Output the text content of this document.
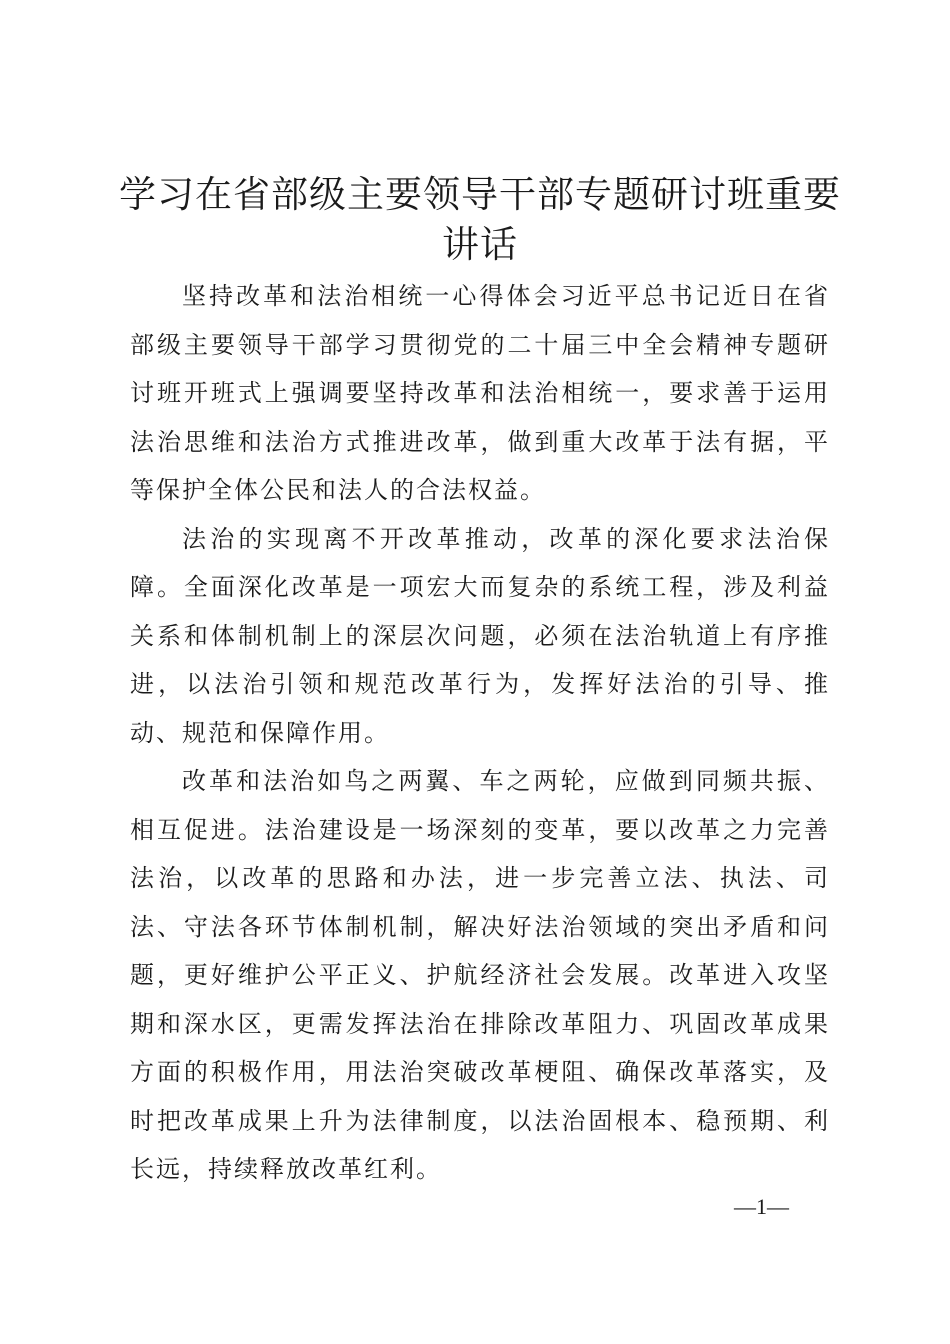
学习在省部级主要领导干部专题研讨班重要讲话

坚持改革和法治相统一心得体会习近平总书记近日在省部级主要领导干部学习贯彻党的二十届三中全会精神专题研讨班开班式上强调要坚持改革和法治相统一，要求善于运用法治思维和法治方式推进改革，做到重大改革于法有据，平等保护全体公民和法人的合法权益。

法治的实现离不开改革推动，改革的深化要求法治保障。全面深化改革是一项宏大而复杂的系统工程，涉及利益关系和体制机制上的深层次问题，必须在法治轨道上有序推进，以法治引领和规范改革行为，发挥好法治的引导、推动、规范和保障作用。

改革和法治如鸟之两翼、车之两轮，应做到同频共振、相互促进。法治建设是一场深刻的变革，要以改革之力完善法治，以改革的思路和办法，进一步完善立法、执法、司法、守法各环节体制机制，解决好法治领域的突出矛盾和问题，更好维护公平正义、护航经济社会发展。改革进入攻坚期和深水区，更需发挥法治在排除改革阻力、巩固改革成果方面的积极作用，用法治突破改革梗阻、确保改革落实，及时把改革成果上升为法律制度，以法治固根本、稳预期、利长远，持续释放改革红利。

—1—
